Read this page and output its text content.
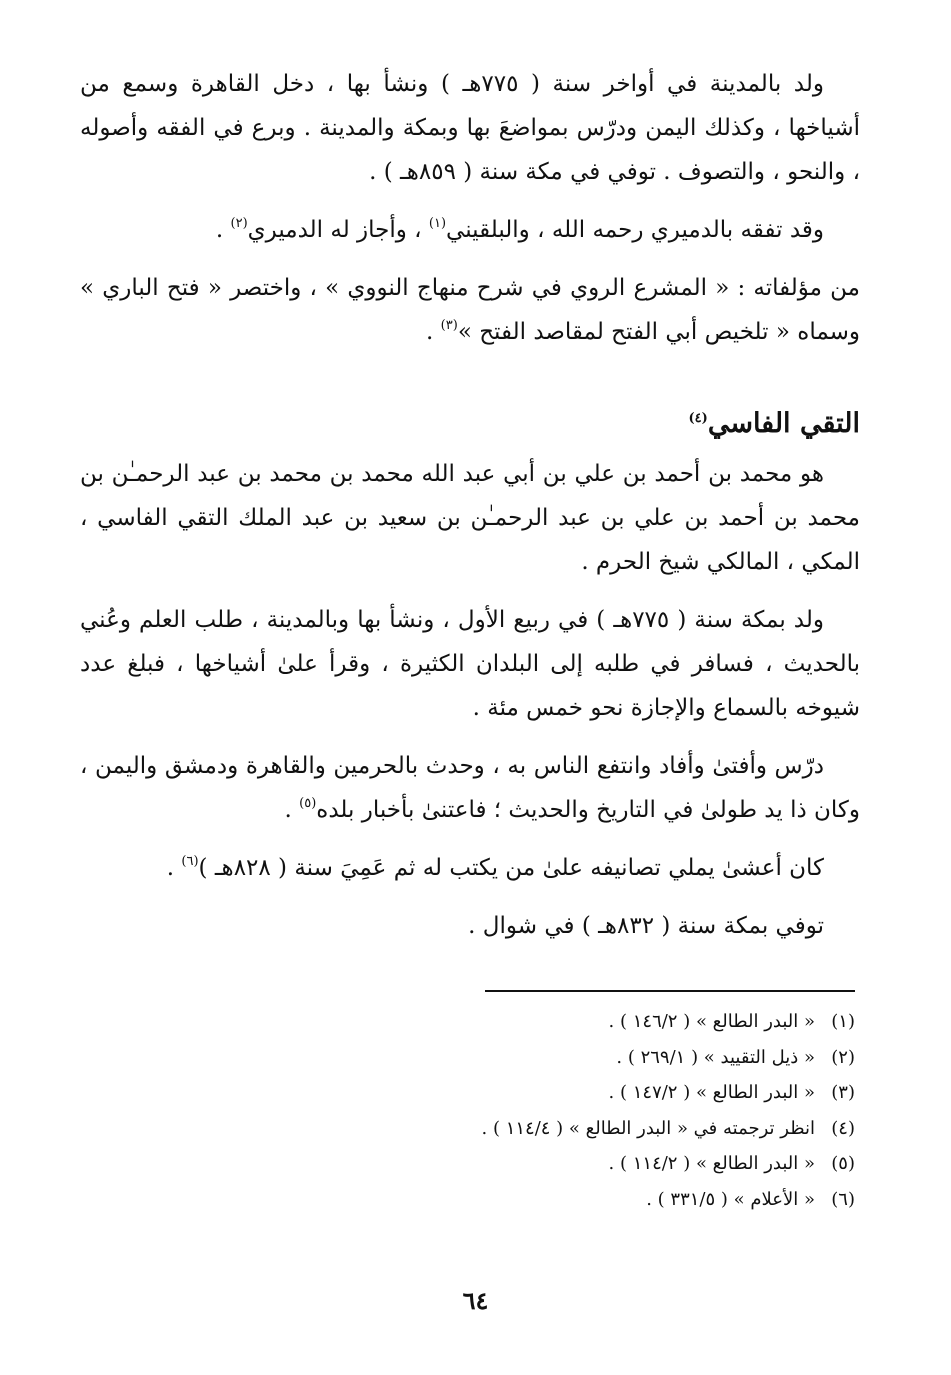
ولد بالمدينة في أواخر سنة ( ٧٧٥هـ ) ونشأ بها ، دخل القاهرة وسمع من أشياخها ، وكذلك اليمن ودرّس بمواضعَ بها وبمكة والمدينة . وبرع في الفقه وأصوله ، والنحو ، والتصوف . توفي في مكة سنة ( ٨٥٩هـ ) .

وقد تفقه بالدميري رحمه الله ، والبلقيني$^{(١)}$ ، وأجاز له الدميري$^{(٢)}$ .

من مؤلفاته : « المشرع الروي في شرح منهاج النووي » ، واختصر « فتح الباري » وسماه « تلخيص أبي الفتح لمقاصد الفتح »$^{(٣)}$ .

التقي الفاسي$^{(٤)}$

هو محمد بن أحمد بن علي بن أبي عبد الله محمد بن محمد بن عبد الرحمـٰن بن محمد بن أحمد بن علي بن عبد الرحمـٰن بن سعيد بن عبد الملك التقي الفاسي ، المكي ، المالكي شيخ الحرم .

ولد بمكة سنة ( ٧٧٥هـ ) في ربيع الأول ، ونشأ بها وبالمدينة ، طلب العلم وعُني بالحديث ، فسافر في طلبه إلى البلدان الكثيرة ، وقرأ علىٰ أشياخها ، فبلغ عدد شيوخه بالسماع والإجازة نحو خمس مئة .

درّس وأفتىٰ وأفاد وانتفع الناس به ، وحدث بالحرمين والقاهرة ودمشق واليمن ، وكان ذا يد طولىٰ في التاريخ والحديث ؛ فاعتنىٰ بأخبار بلده$^{(٥)}$ .

كان أعشىٰ يملي تصانيفه علىٰ من يكتب له ثم عَمِيَ سنة ( ٨٢٨هـ )$^{(٦)}$ .

توفي بمكة سنة ( ٨٣٢هـ ) في شوال .

(١)« البدر الطالع » ( ١٤٦/٢ ) .
(٢)« ذيل التقييد » ( ٢٦٩/١ ) .
(٣)« البدر الطالع » ( ١٤٧/٢ ) .
(٤)انظر ترجمته في « البدر الطالع » ( ١١٤/٤ ) .
(٥)« البدر الطالع » ( ١١٤/٢ ) .
(٦)« الأعلام » ( ٣٣١/٥ ) .
٦٤
